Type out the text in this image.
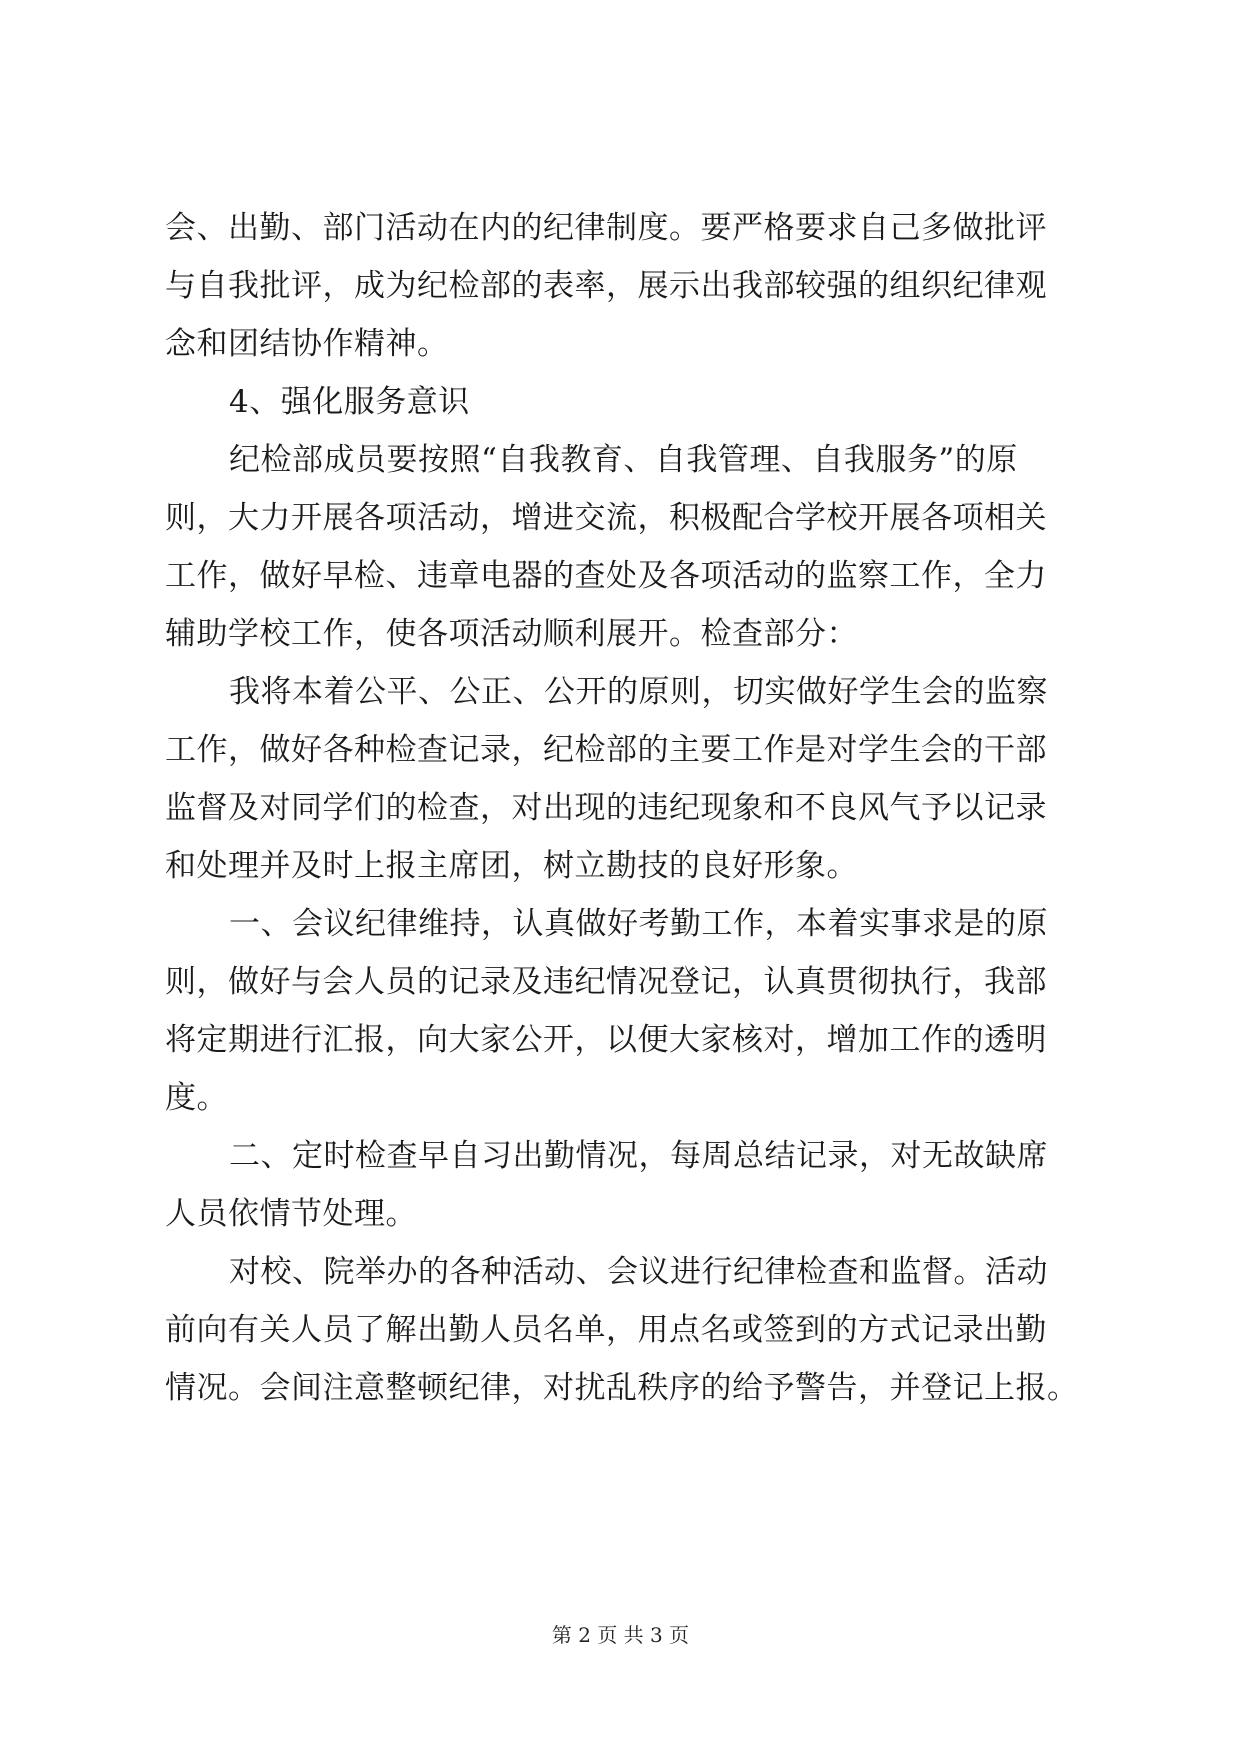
会、出勤、部门活动在内的纪律制度。要严格要求自己多做批评
与自我批评，成为纪检部的表率，展示出我部较强的组织纪律观
念和团结协作精神。
4、强化服务意识
纪检部成员要按照“自我教育、自我管理、自我服务”的原
则，大力开展各项活动，增进交流，积极配合学校开展各项相关
工作，做好早检、违章电器的查处及各项活动的监察工作，全力
辅助学校工作，使各项活动顺利展开。检查部分：
我将本着公平、公正、公开的原则，切实做好学生会的监察
工作，做好各种检查记录，纪检部的主要工作是对学生会的干部
监督及对同学们的检查，对出现的违纪现象和不良风气予以记录
和处理并及时上报主席团，树立勘技的良好形象。
一、会议纪律维持，认真做好考勤工作，本着实事求是的原
则，做好与会人员的记录及违纪情况登记，认真贯彻执行，我部
将定期进行汇报，向大家公开，以便大家核对，增加工作的透明
度。
二、定时检查早自习出勤情况，每周总结记录，对无故缺席
人员依情节处理。
对校、院举办的各种活动、会议进行纪律检查和监督。活动
前向有关人员了解出勤人员名单，用点名或签到的方式记录出勤
情况。会间注意整顿纪律，对扰乱秩序的给予警告，并登记上报。
第 2 页 共 3 页
